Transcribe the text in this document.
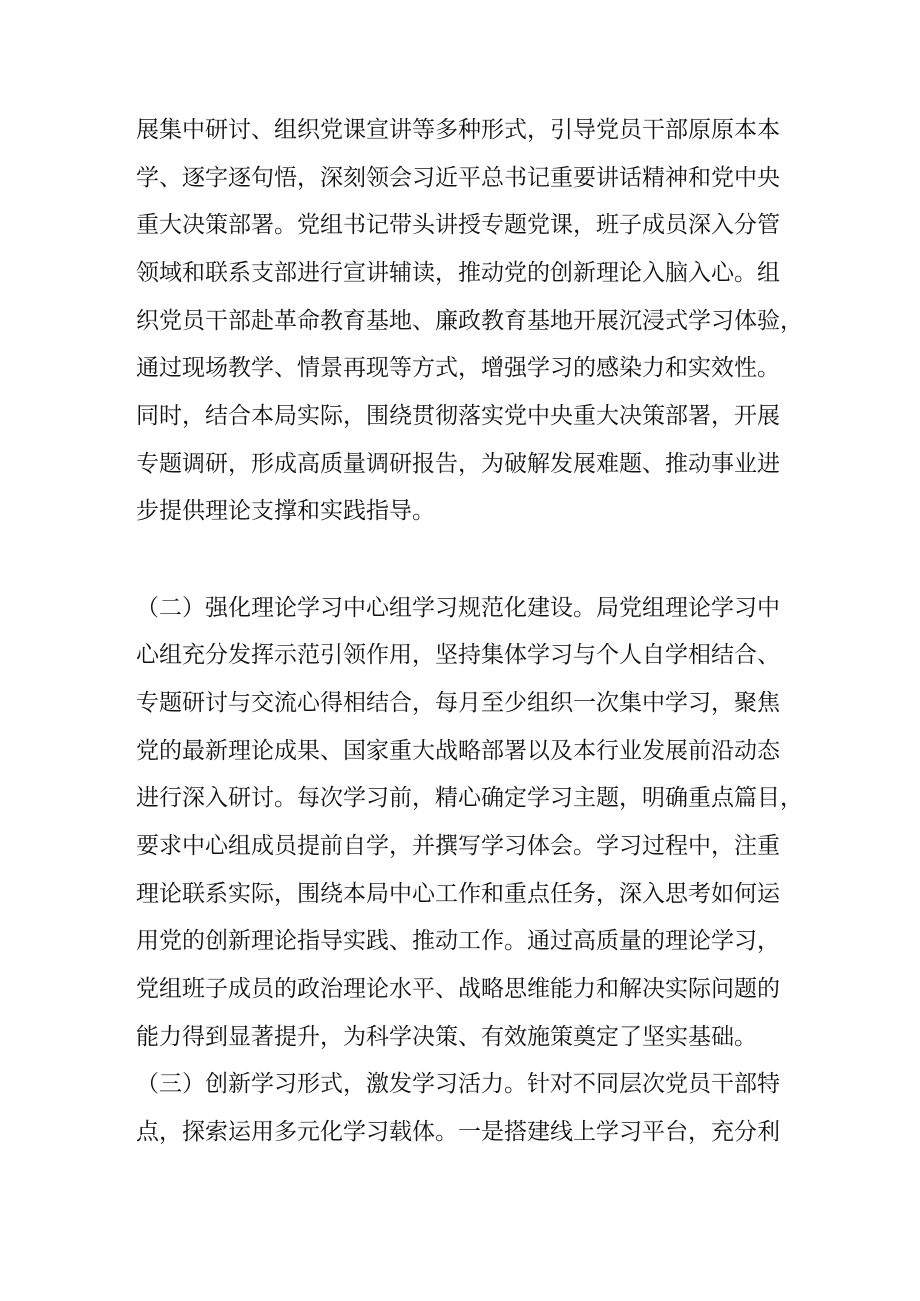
展集中研讨、组织党课宣讲等多种形式，引导党员干部原原本本
学、逐字逐句悟，深刻领会习近平总书记重要讲话精神和党中央
重大决策部署。党组书记带头讲授专题党课，班子成员深入分管
领域和联系支部进行宣讲辅读，推动党的创新理论入脑入心。组
织党员干部赴革命教育基地、廉政教育基地开展沉浸式学习体验，
通过现场教学、情景再现等方式，增强学习的感染力和实效性。
同时，结合本局实际，围绕贯彻落实党中央重大决策部署，开展
专题调研，形成高质量调研报告，为破解发展难题、推动事业进
步提供理论支撑和实践指导。
（二）强化理论学习中心组学习规范化建设。局党组理论学习中
心组充分发挥示范引领作用，坚持集体学习与个人自学相结合、
专题研讨与交流心得相结合，每月至少组织一次集中学习，聚焦
党的最新理论成果、国家重大战略部署以及本行业发展前沿动态
进行深入研讨。每次学习前，精心确定学习主题，明确重点篇目，
要求中心组成员提前自学，并撰写学习体会。学习过程中，注重
理论联系实际，围绕本局中心工作和重点任务，深入思考如何运
用党的创新理论指导实践、推动工作。通过高质量的理论学习，
党组班子成员的政治理论水平、战略思维能力和解决实际问题的
能力得到显著提升，为科学决策、有效施策奠定了坚实基础。
（三）创新学习形式，激发学习活力。针对不同层次党员干部特
点，探索运用多元化学习载体。一是搭建线上学习平台，充分利
